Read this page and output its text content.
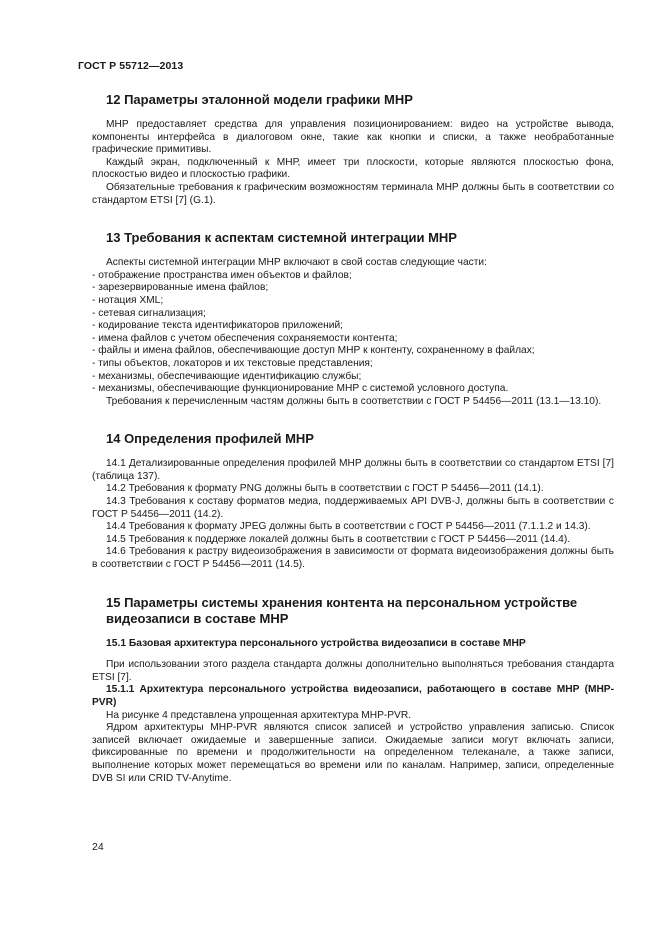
ГОСТ Р 55712—2013
12 Параметры эталонной модели графики МНР

МНР предоставляет средства для управления позиционированием: видео на устройстве вывода, компоненты интерфейса в диалоговом окне, такие как кнопки и списки, а также необработанные графические примитивы.

Каждый экран, подключенный к МНР, имеет три плоскости, которые являются плоскостью фона, плоскостью видео и плоскостью графики.

Обязательные требования к графическим возможностям терминала МНР должны быть в соответствии со стандартом ETSI [7] (G.1).

13 Требования к аспектам системной интеграции МНР

Аспекты системной интеграции МНР включают в свой состав следующие части:

- отображение пространства имен объектов и файлов;
- зарезервированные имена файлов;
- нотация XML;
- сетевая сигнализация;
- кодирование текста идентификаторов приложений;
- имена файлов с учетом обеспечения сохраняемости контента;
- файлы и имена файлов, обеспечивающие доступ МНР к контенту, сохраненному в файлах;
- типы объектов, локаторов и их текстовые представления;
- механизмы, обеспечивающие идентификацию службы;
- механизмы, обеспечивающие функционирование МНР с системой условного доступа.

Требования к перечисленным частям должны быть в соответствии с ГОСТ Р 54456—2011 (13.1—13.10).

14 Определения профилей МНР

14.1 Детализированные определения профилей МНР должны быть в соответствии со стандартом ETSI [7] (таблица 137).

14.2 Требования к формату PNG должны быть в соответствии с ГОСТ Р 54456—2011 (14.1).

14.3 Требования к составу форматов медиа, поддерживаемых API DVB-J, должны быть в соответствии с ГОСТ Р 54456—2011 (14.2).

14.4 Требования к формату JPEG должны быть в соответствии с ГОСТ Р 54456—2011 (7.1.1.2 и 14.3).

14.5 Требования к поддержке локалей должны быть в соответствии с ГОСТ Р 54456—2011 (14.4).

14.6 Требования к растру видеоизображения в зависимости от формата видеоизображения должны быть в соответствии с ГОСТ Р 54456—2011 (14.5).

15 Параметры системы хранения контента на персональном устройстве
видеозаписи в составе МНР
15.1 Базовая архитектура персонального устройства видеозаписи в составе МНР

При использовании этого раздела стандарта должны дополнительно выполняться требования стандарта ETSI [7].

15.1.1 Архитектура персонального устройства видеозаписи, работающего в составе МНР (MHP-PVR)

На рисунке 4 представлена упрощенная архитектура MHP-PVR.

Ядром архитектуры MHP-PVR являются список записей и устройство управления записью. Список записей включает ожидаемые и завершенные записи. Ожидаемые записи могут включать записи, фиксированные по времени и продолжительности на определенном телеканале, а также записи, выполнение которых может перемещаться во времени или по каналам. Например, записи, определенные DVB SI или CRID TV-Anytime.

24
